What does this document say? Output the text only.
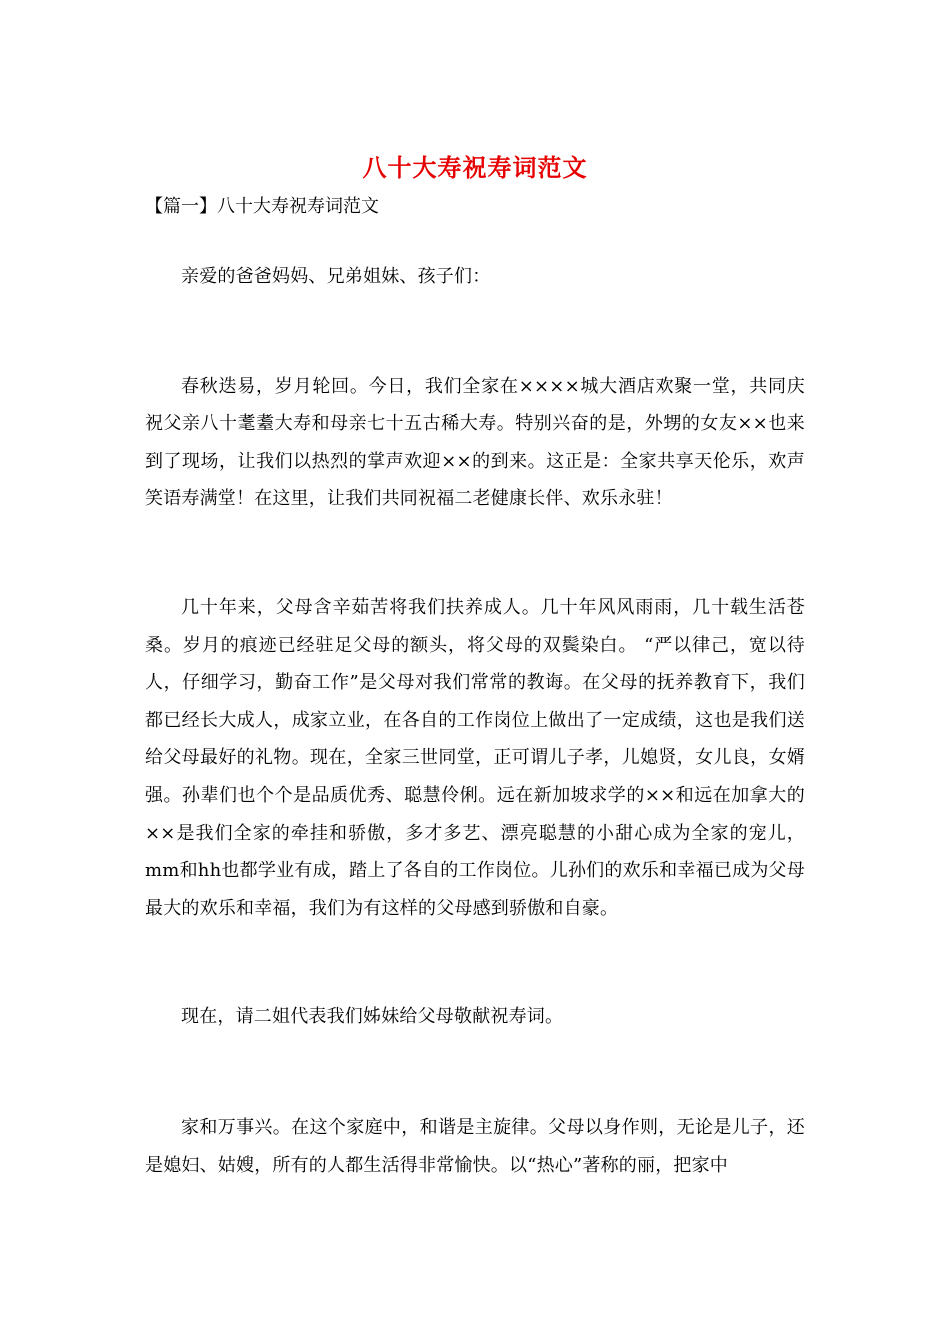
八十大寿祝寿词范文

【篇一】八十大寿祝寿词范文

亲爱的爸爸妈妈、兄弟姐妹、孩子们：

春秋迭易，岁月轮回。今日，我们全家在××××城大酒店欢聚一堂，共同庆祝父亲八十耄耋大寿和母亲七十五古稀大寿。特别兴奋的是，外甥的女友××也来到了现场，让我们以热烈的掌声欢迎××的到来。这正是：全家共享天伦乐，欢声笑语寿满堂！在这里，让我们共同祝福二老健康长伴、欢乐永驻！

几十年来，父母含辛茹苦将我们扶养成人。几十年风风雨雨，几十载生活苍桑。岁月的痕迹已经驻足父母的额头，将父母的双鬓染白。 “严以律己，宽以待人，仔细学习，勤奋工作”是父母对我们常常的教诲。在父母的抚养教育下，我们都已经长大成人，成家立业，在各自的工作岗位上做出了一定成绩，这也是我们送给父母最好的礼物。现在，全家三世同堂，正可谓儿子孝，儿媳贤，女儿良，女婿强。孙辈们也个个是品质优秀、聪慧伶俐。远在新加坡求学的××和远在加拿大的××是我们全家的牵挂和骄傲，多才多艺、漂亮聪慧的小甜心成为全家的宠儿，mm和hh也都学业有成，踏上了各自的工作岗位。儿孙们的欢乐和幸福已成为父母最大的欢乐和幸福，我们为有这样的父母感到骄傲和自豪。

现在，请二姐代表我们姊妹给父母敬献祝寿词。

家和万事兴。在这个家庭中，和谐是主旋律。父母以身作则，无论是儿子，还是媳妇、姑嫂，所有的人都生活得非常愉快。以“热心”著称的丽，把家中
